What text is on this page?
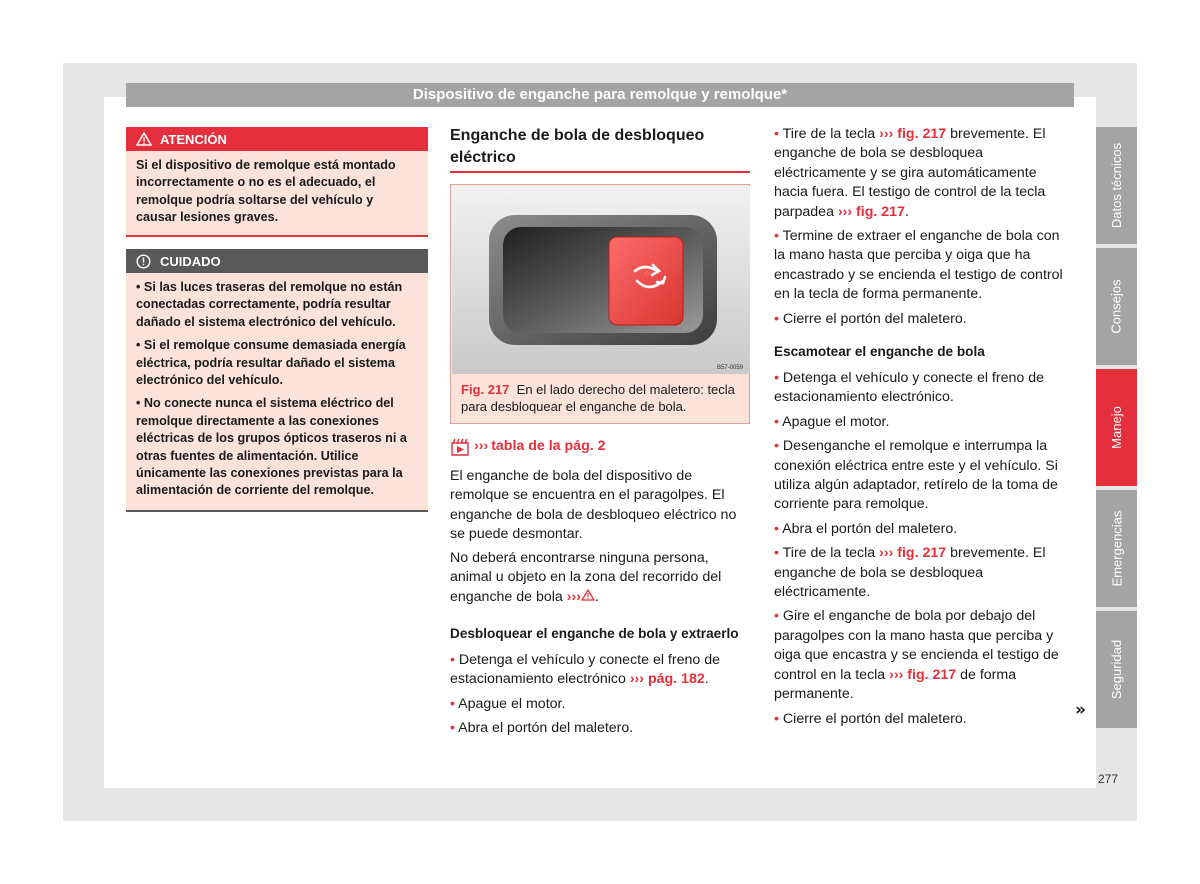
Dispositivo de enganche para remolque y remolque*
Datos técnicos
Consejos
Manejo
Emergencias
Seguridad
277
ATENCIÓN
Si el dispositivo de remolque está montado incorrectamente o no es el adecuado, el remolque podría soltarse del vehículo y causar lesiones graves.
CUIDADO

• Si las luces traseras del remolque no están conectadas correctamente, podría resultar dañado el sistema electrónico del vehículo.

• Si el remolque consume demasiada energía eléctrica, podría resultar dañado el sistema electrónico del vehículo.

• No conecte nunca el sistema eléctrico del remolque directamente a las conexiones eléctricas de los grupos ópticos traseros ni a otras fuentes de alimentación. Utilice únicamente las conexiones previstas para la alimentación de corriente del remolque.

Enganche de bola de desbloqueo eléctrico
B57-0059
Fig. 217 En el lado derecho del maletero: tecla para desbloquear el enganche de bola.
››› tabla de la pág. 2
El enganche de bola del dispositivo de remolque se encuentra en el paragolpes. El enganche de bola de desbloqueo eléctrico no se puede desmontar.
No deberá encontrarse ninguna persona, animal u objeto en la zona del recorrido del enganche de bola ››› .
Desbloquear el enganche de bola y extraerlo

• Detenga el vehículo y conecte el freno de estacionamiento electrónico ››› pág. 182.

• Apague el motor.

• Abra el portón del maletero.

• Tire de la tecla ››› fig. 217 brevemente. El enganche de bola se desbloquea eléctricamente y se gira automáticamente hacia fuera. El testigo de control de la tecla parpadea ››› fig. 217.

• Termine de extraer el enganche de bola con la mano hasta que perciba y oiga que ha encastrado y se encienda el testigo de control en la tecla de forma permanente.

• Cierre el portón del maletero.

Escamotear el enganche de bola

• Detenga el vehículo y conecte el freno de estacionamiento electrónico.

• Apague el motor.

• Desenganche el remolque e interrumpa la conexión eléctrica entre este y el vehículo. Si utiliza algún adaptador, retírelo de la toma de corriente para remolque.

• Abra el portón del maletero.

• Tire de la tecla ››› fig. 217 brevemente. El enganche de bola se desbloquea eléctricamente.

• Gire el enganche de bola por debajo del paragolpes con la mano hasta que perciba y oiga que encastra y se encienda el testigo de control en la tecla ››› fig. 217 de forma permanente.

• Cierre el portón del maletero.	»
